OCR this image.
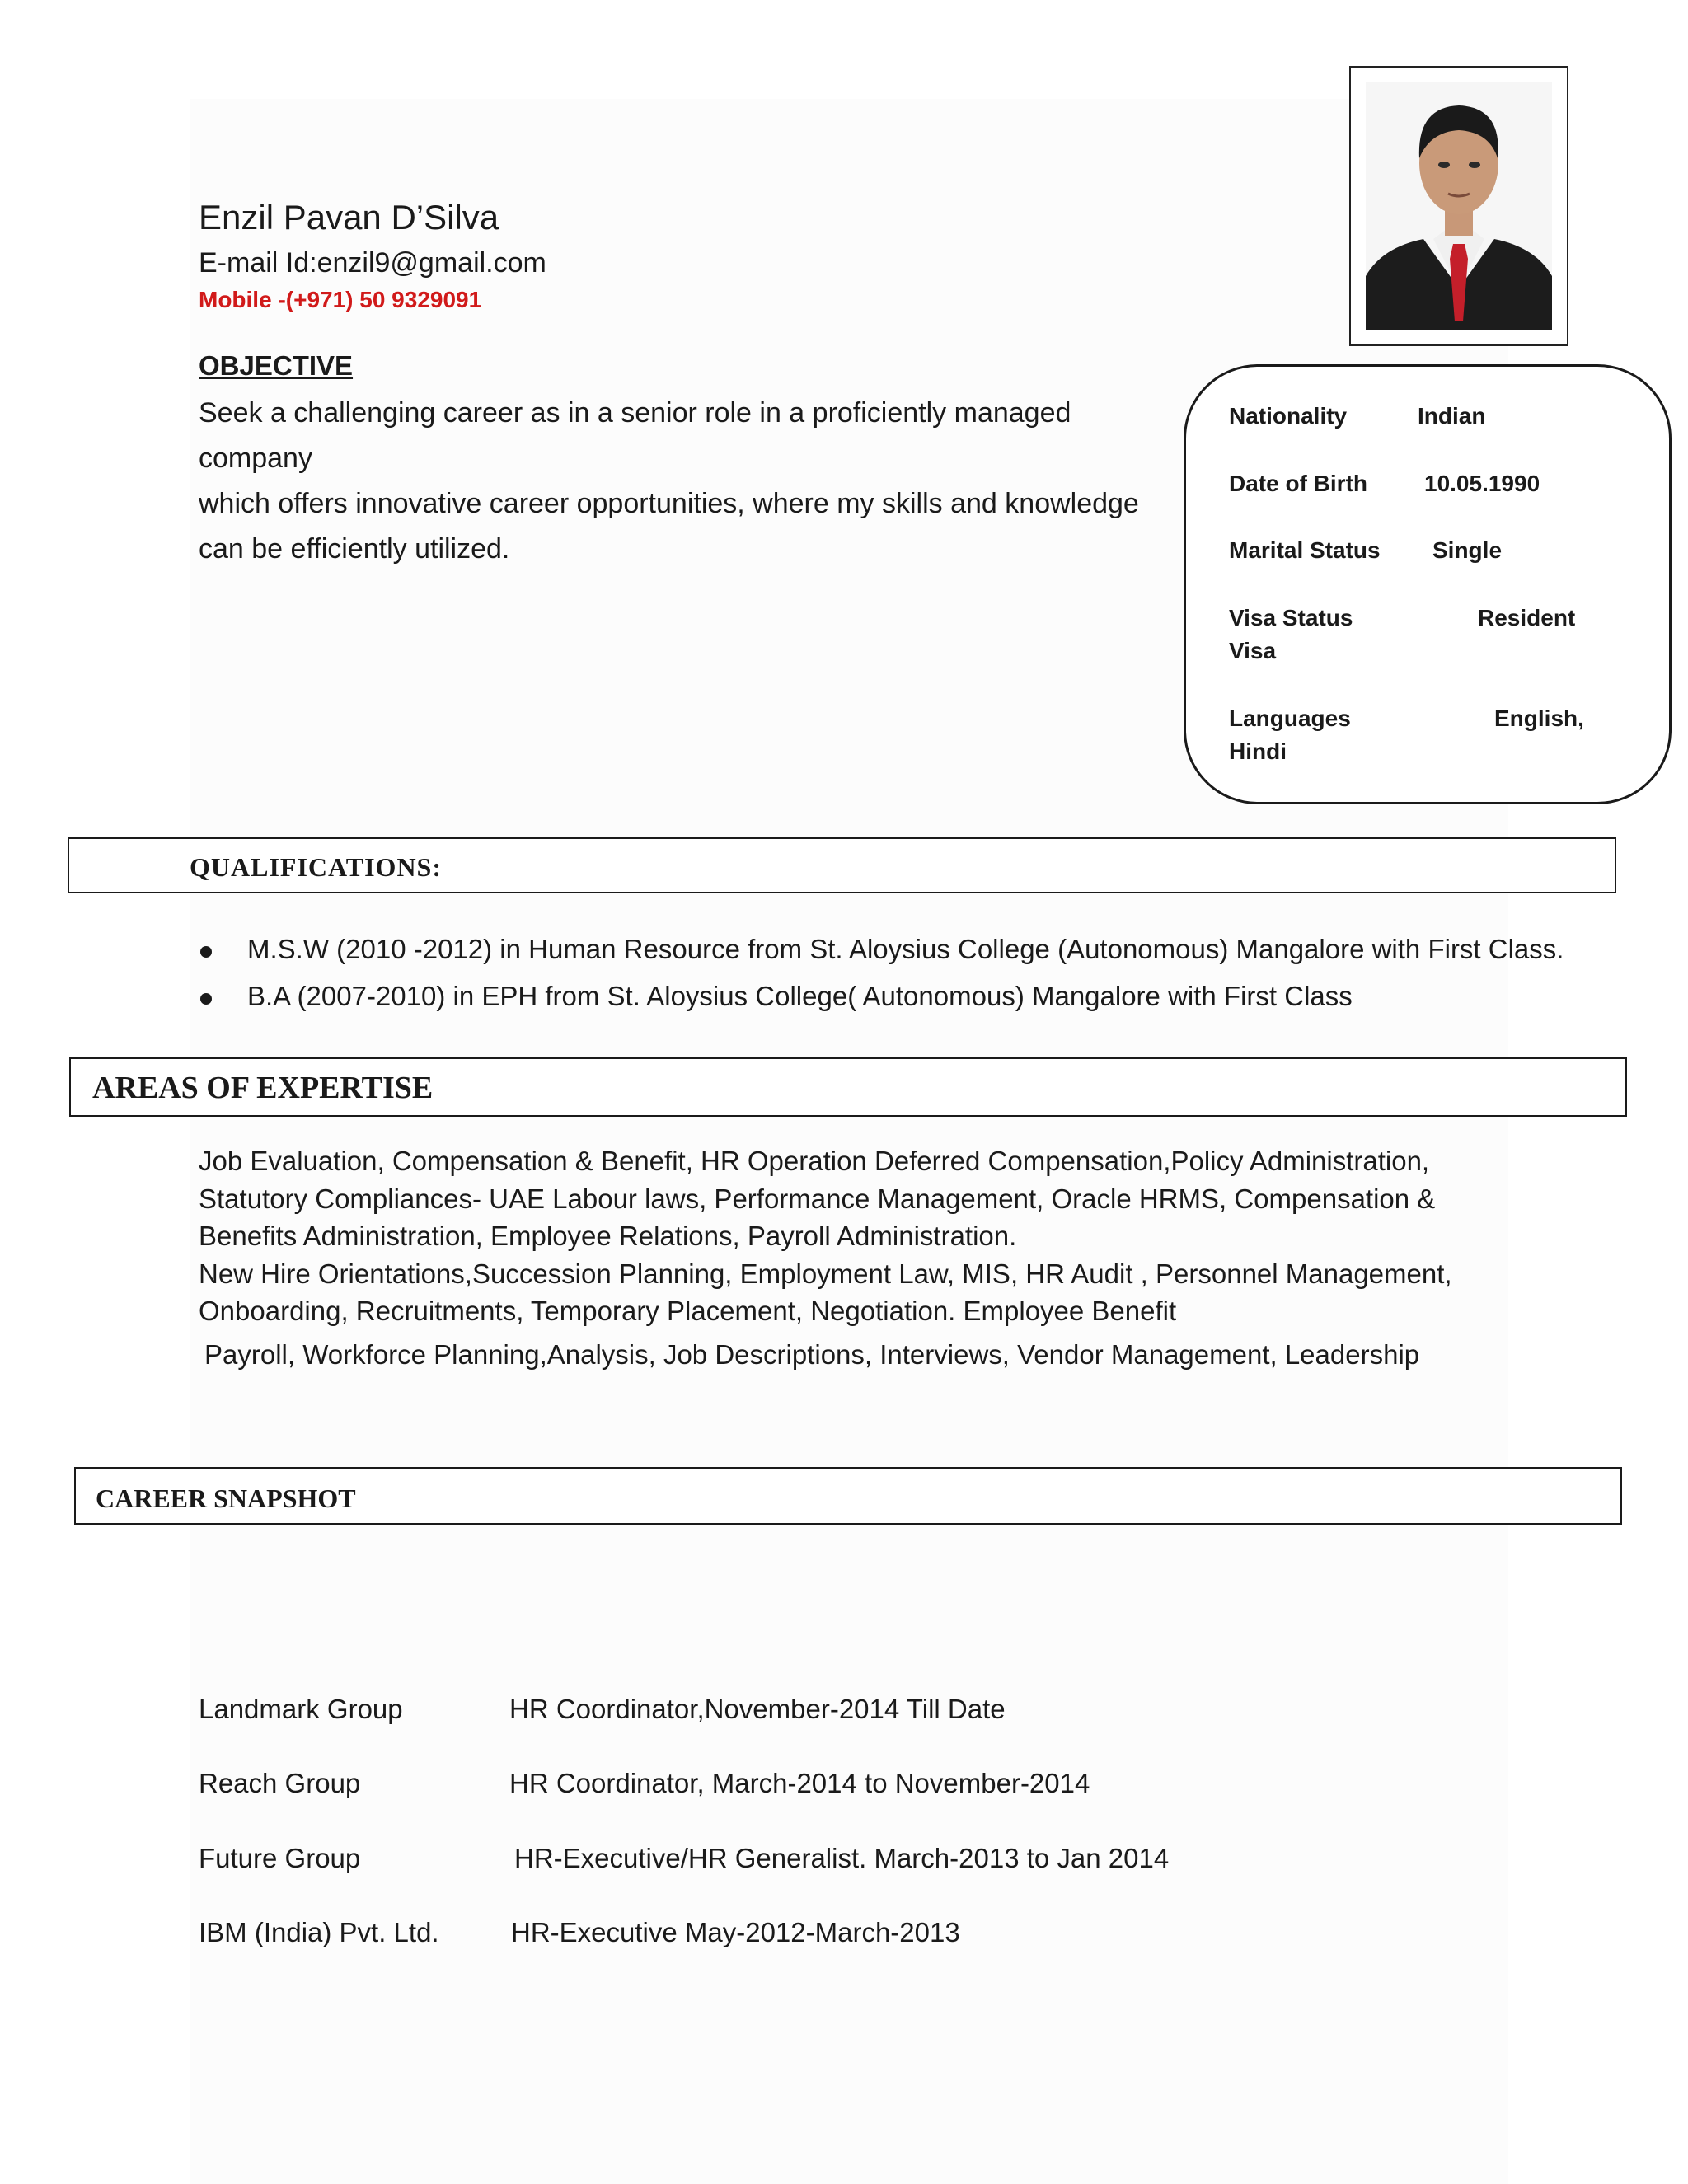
Enzil Pavan D’Silva
E-mail Id:enzil9@gmail.com
Mobile -(+971) 50 9329091
OBJECTIVE
Seek a challenging career as in a senior role in a proficiently managed company
which offers innovative career opportunities, where my skills and knowledge
can be efficiently utilized.
Nationality	Indian
Date of Birth 10.05.1990
Marital Status Single
Visa Status	Resident
Visa
Languages	English,
Hindi
QUALIFICATIONS:
M.S.W (2010 -2012) in Human Resource from St. Aloysius College (Autonomous) Mangalore with First Class.
B.A (2007-2010) in EPH from St. Aloysius College( Autonomous) Mangalore with First Class
AREAS OF EXPERTISE
Job Evaluation, Compensation & Benefit, HR Operation Deferred Compensation,Policy Administration,
Statutory Compliances- UAE Labour laws, Performance Management, Oracle HRMS, Compensation &
Benefits Administration, Employee Relations, Payroll Administration.
New Hire Orientations,Succession Planning, Employment Law, MIS, HR Audit , Personnel Management,
Onboarding, Recruitments, Temporary Placement, Negotiation. Employee Benefit
Payroll, Workforce Planning,Analysis, Job Descriptions, Interviews, Vendor Management, Leadership
CAREER SNAPSHOT
Landmark Group	HR Coordinator,November-2014 Till Date
Reach Group	HR Coordinator, March-2014 to November-2014
Future Group	HR-Executive/HR Generalist. March-2013 to Jan 2014
IBM (India) Pvt. Ltd.	HR-Executive May-2012-March-2013
